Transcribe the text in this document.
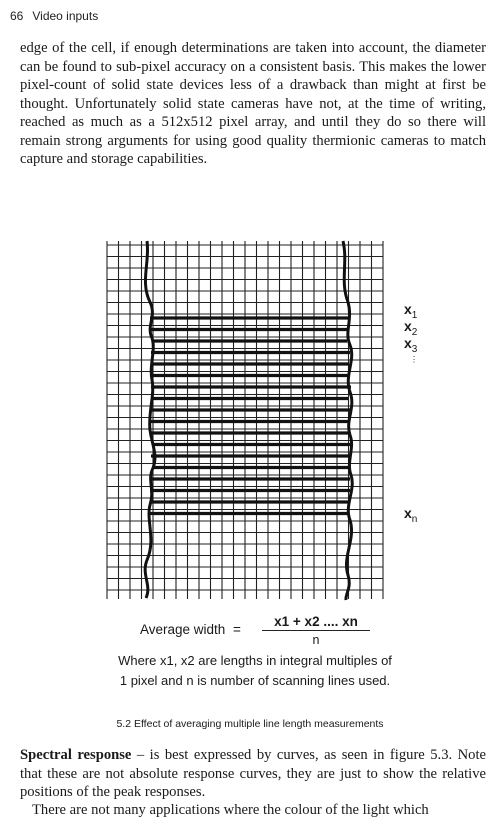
66 Video inputs

edge of the cell, if enough determinations are taken into account, the diameter can be found to sub-pixel accuracy on a consistent basis. This makes the lower pixel-count of solid state devices less of a drawback than might at first be thought. Unfortunately solid state cameras have not, at the time of writing, reached as much as a 512x512 pixel array, and until they do so there will remain strong arguments for using good quality thermionic cameras to match capture and storage capabilities.

⋮
$x_1$
$x_2$
$x_3$
$x_n$
Average width =
x1 + x2 .... xn
n
Where x1, x2 are lengths in integral multiples of
1 pixel and n is number of scanning lines used.
5.2 Effect of averaging multiple line length measurements

Spectral response – is best expressed by curves, as seen in figure 5.3. Note that these are not absolute response curves, they are just to show the relative positions of the peak responses.

There are not many applications where the colour of the light which
